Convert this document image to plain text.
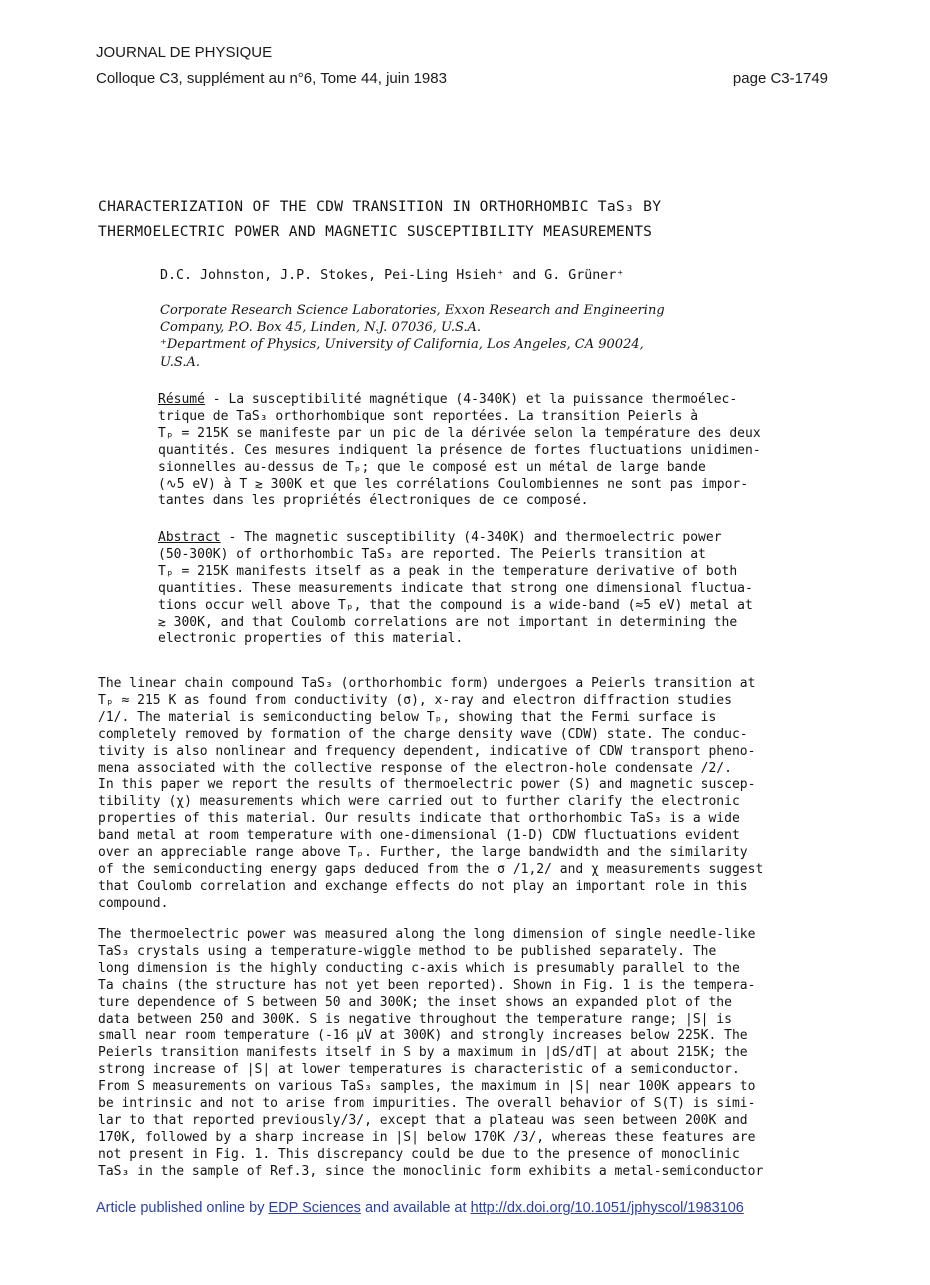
JOURNAL DE PHYSIQUE
Colloque C3, supplément au n°6, Tome 44, juin 1983	page C3-1749
CHARACTERIZATION OF THE CDW TRANSITION IN ORTHORHOMBIC TaS₃ BY
THERMOELECTRIC POWER AND MAGNETIC SUSCEPTIBILITY MEASUREMENTS
D.C. Johnston, J.P. Stokes, Pei-Ling Hsieh⁺ and G. Grüner⁺
Corporate Research Science Laboratories, Exxon Research and Engineering
Company, P.O. Box 45, Linden, N.J. 07036, U.S.A.
⁺Department of Physics, University of California, Los Angeles, CA 90024,
U.S.A.
Résumé - La susceptibilité magnétique (4-340K) et la puissance thermoélec-
trique de TaS₃ orthorhombique sont reportées. La transition Peierls à
Tₚ = 215K se manifeste par un pic de la dérivée selon la température des deux
quantités. Ces mesures indiquent la présence de fortes fluctuations unidimen-
sionnelles au-dessus de Tₚ; que le composé est un métal de large bande
(∿5 eV) à T ≳ 300K et que les corrélations Coulombiennes ne sont pas impor-
tantes dans les propriétés électroniques de ce composé.
Abstract - The magnetic susceptibility (4-340K) and thermoelectric power
(50-300K) of orthorhombic TaS₃ are reported. The Peierls transition at
Tₚ = 215K manifests itself as a peak in the temperature derivative of both
quantities. These measurements indicate that strong one dimensional fluctua-
tions occur well above Tₚ, that the compound is a wide-band (≈5 eV) metal at
≳ 300K, and that Coulomb correlations are not important in determining the
electronic properties of this material.
The linear chain compound TaS₃ (orthorhombic form) undergoes a Peierls transition at
Tₚ ≈ 215 K as found from conductivity (σ), x-ray and electron diffraction studies
/1/. The material is semiconducting below Tₚ, showing that the Fermi surface is
completely removed by formation of the charge density wave (CDW) state. The conduc-
tivity is also nonlinear and frequency dependent, indicative of CDW transport pheno-
mena associated with the collective response of the electron-hole condensate /2/.
In this paper we report the results of thermoelectric power (S) and magnetic suscep-
tibility (χ) measurements which were carried out to further clarify the electronic
properties of this material. Our results indicate that orthorhombic TaS₃ is a wide
band metal at room temperature with one-dimensional (1-D) CDW fluctuations evident
over an appreciable range above Tₚ. Further, the large bandwidth and the similarity
of the semiconducting energy gaps deduced from the σ /1,2/ and χ measurements suggest
that Coulomb correlation and exchange effects do not play an important role in this
compound.
The thermoelectric power was measured along the long dimension of single needle-like
TaS₃ crystals using a temperature-wiggle method to be published separately. The
long dimension is the highly conducting c-axis which is presumably parallel to the
Ta chains (the structure has not yet been reported). Shown in Fig. 1 is the tempera-
ture dependence of S between 50 and 300K; the inset shows an expanded plot of the
data between 250 and 300K. S is negative throughout the temperature range; |S| is
small near room temperature (-16 μV at 300K) and strongly increases below 225K. The
Peierls transition manifests itself in S by a maximum in |dS/dT| at about 215K; the
strong increase of |S| at lower temperatures is characteristic of a semiconductor.
From S measurements on various TaS₃ samples, the maximum in |S| near 100K appears to
be intrinsic and not to arise from impurities. The overall behavior of S(T) is simi-
lar to that reported previously/3/, except that a plateau was seen between 200K and
170K, followed by a sharp increase in |S| below 170K /3/, whereas these features are
not present in Fig. 1. This discrepancy could be due to the presence of monoclinic
TaS₃ in the sample of Ref.3, since the monoclinic form exhibits a metal-semiconductor
Article published online by EDP Sciences and available at http://dx.doi.org/10.1051/jphyscol/1983106
